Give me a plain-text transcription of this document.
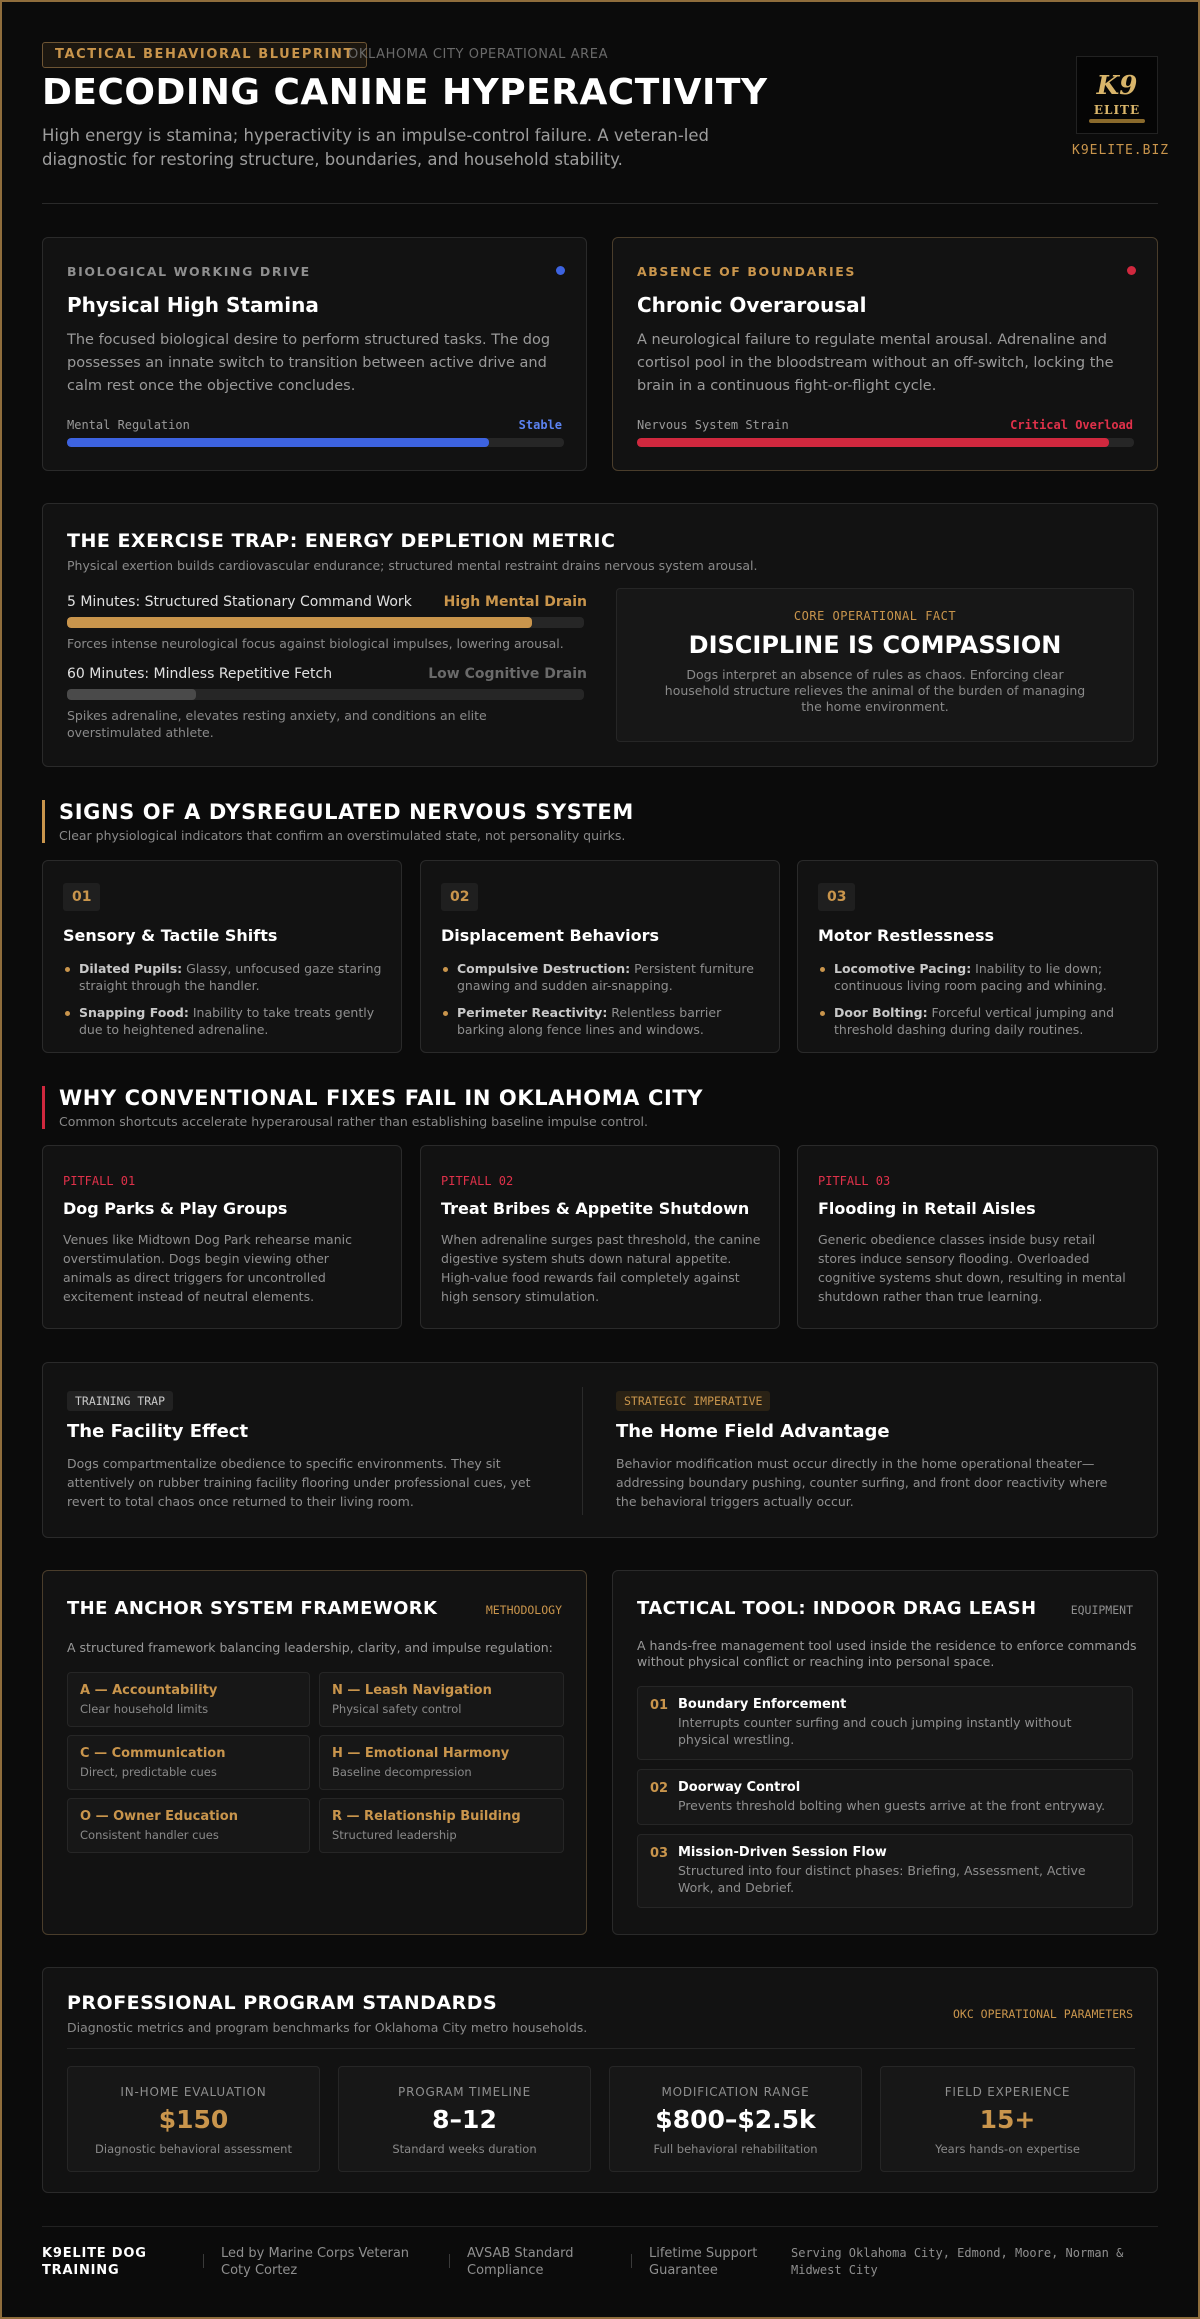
TACTICAL BEHAVIORAL BLUEPRINT
OKLAHOMA CITY OPERATIONAL AREA
DECODING CANINE HYPERACTIVITY
High energy is stamina; hyperactivity is an impulse-control failure. A veteran-led diagnostic for restoring structure, boundaries, and household stability.
K9
ELITE
K9ELITE.BIZ
BIOLOGICAL WORKING DRIVE
Physical High Stamina
The focused biological desire to perform structured tasks. The dog possesses an innate switch to transition between active drive and calm rest once the objective concludes.
Mental Regulation	Stable
ABSENCE OF BOUNDARIES
Chronic Overarousal
A neurological failure to regulate mental arousal. Adrenaline and cortisol pool in the bloodstream without an off-switch, locking the brain in a continuous fight-or-flight cycle.
Nervous System Strain	Critical Overload
THE EXERCISE TRAP: ENERGY DEPLETION METRIC
Physical exertion builds cardiovascular endurance; structured mental restraint drains nervous system arousal.
5 Minutes: Structured Stationary Command Work High Mental Drain
Forces intense neurological focus against biological impulses, lowering arousal.
60 Minutes: Mindless Repetitive Fetch	Low Cognitive Drain
Spikes adrenaline, elevates resting anxiety, and conditions an elite overstimulated athlete.
CORE OPERATIONAL FACT
DISCIPLINE IS COMPASSION
Dogs interpret an absence of rules as chaos. Enforcing clear household structure relieves the animal of the burden of managing the home environment.
SIGNS OF A DYSREGULATED NERVOUS SYSTEM
Clear physiological indicators that confirm an overstimulated state, not personality quirks.
01
Sensory & Tactile Shifts
Dilated Pupils: Glassy, unfocused gaze staring straight through the handler.
Snapping Food: Inability to take treats gently due to heightened adrenaline.
02
Displacement Behaviors
Compulsive Destruction: Persistent furniture gnawing and sudden air-snapping.
Perimeter Reactivity: Relentless barrier barking along fence lines and windows.
03
Motor Restlessness
Locomotive Pacing: Inability to lie down; continuous living room pacing and whining.
Door Bolting: Forceful vertical jumping and threshold dashing during daily routines.
WHY CONVENTIONAL FIXES FAIL IN OKLAHOMA CITY
Common shortcuts accelerate hyperarousal rather than establishing baseline impulse control.
PITFALL 01
Dog Parks & Play Groups
Venues like Midtown Dog Park rehearse manic overstimulation. Dogs begin viewing other animals as direct triggers for uncontrolled excitement instead of neutral elements.
PITFALL 02
Treat Bribes & Appetite Shutdown
When adrenaline surges past threshold, the canine digestive system shuts down natural appetite. High-value food rewards fail completely against high sensory stimulation.
PITFALL 03
Flooding in Retail Aisles
Generic obedience classes inside busy retail stores induce sensory flooding. Overloaded cognitive systems shut down, resulting in mental shutdown rather than true learning.
TRAINING TRAP
The Facility Effect
Dogs compartmentalize obedience to specific environments. They sit attentively on rubber training facility flooring under professional cues, yet revert to total chaos once returned to their living room.
STRATEGIC IMPERATIVE
The Home Field Advantage
Behavior modification must occur directly in the home operational theater—addressing boundary pushing, counter surfing, and front door reactivity where the behavioral triggers actually occur.
THE ANCHOR SYSTEM FRAMEWORK	METHODOLOGY
A structured framework balancing leadership, clarity, and impulse regulation:
A — Accountability
Clear household limits
N — Leash Navigation
Physical safety control
C — Communication
Direct, predictable cues
H — Emotional Harmony
Baseline decompression
O — Owner Education
Consistent handler cues
R — Relationship Building
Structured leadership
TACTICAL TOOL: INDOOR DRAG LEASH	EQUIPMENT
A hands-free management tool used inside the residence to enforce commands without physical conflict or reaching into personal space.
01 Boundary Enforcement
Interrupts counter surfing and couch jumping instantly without physical wrestling.
02 Doorway Control
Prevents threshold bolting when guests arrive at the front entryway.
03 Mission-Driven Session Flow
Structured into four distinct phases: Briefing, Assessment, Active Work, and Debrief.
PROFESSIONAL PROGRAM STANDARDS
Diagnostic metrics and program benchmarks for Oklahoma City metro households.
OKC OPERATIONAL PARAMETERS
IN-HOME EVALUATION
$150
Diagnostic behavioral assessment
PROGRAM TIMELINE
8–12
Standard weeks duration
MODIFICATION RANGE
$800–$2.5k
Full behavioral rehabilitation
FIELD EXPERIENCE
15+
Years hands-on expertise
K9ELITE DOG TRAINING
Led by Marine Corps Veteran Coty Cortez
AVSAB Standard Compliance
Lifetime Support Guarantee
Serving Oklahoma City, Edmond, Moore, Norman & Midwest City
